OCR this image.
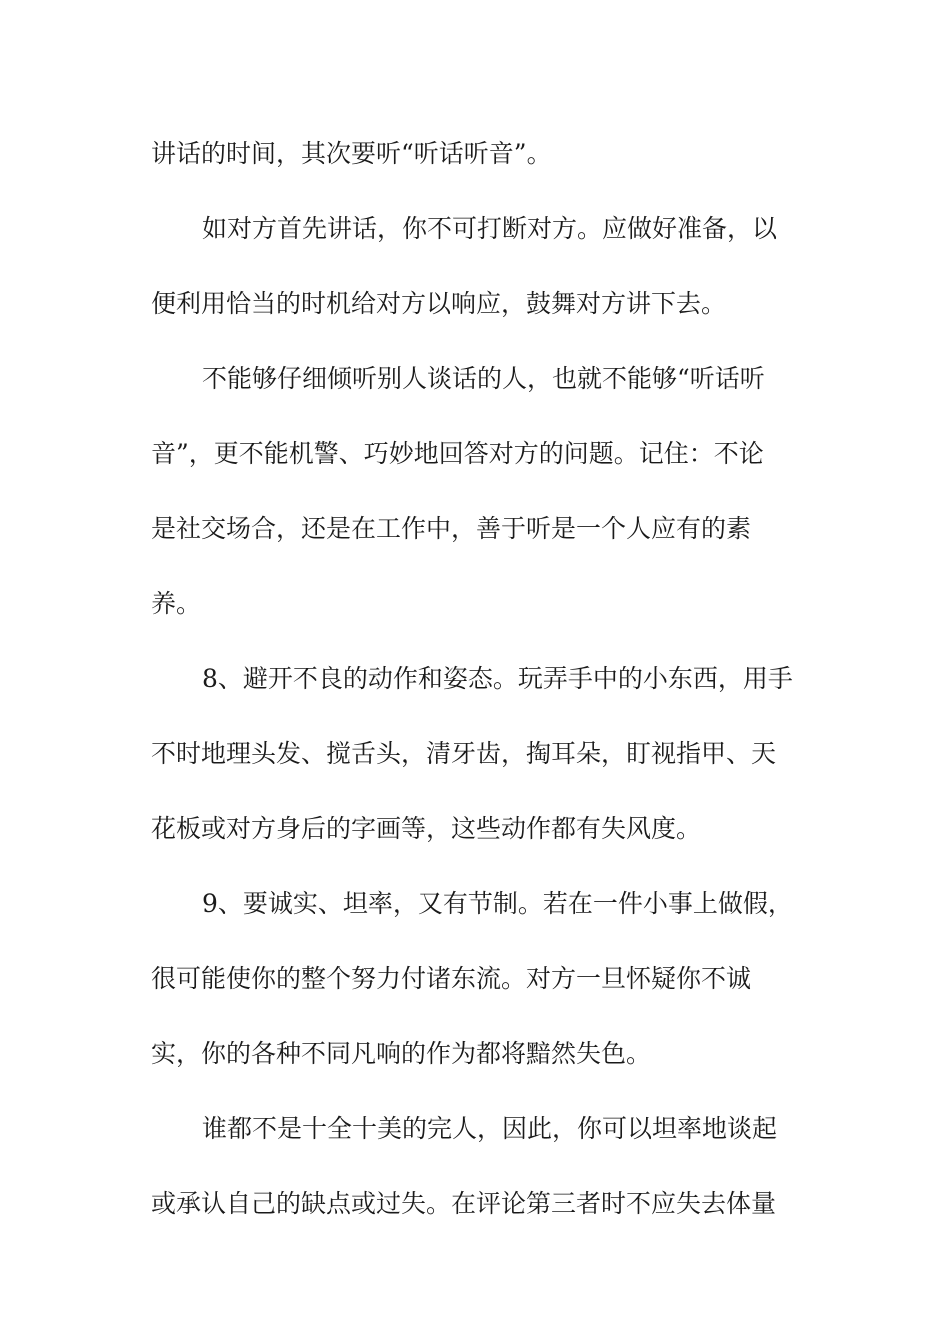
讲话的时间，其次要听“听话听音”。
如对方首先讲话，你不可打断对方。应做好准备，以
便利用恰当的时机给对方以响应，鼓舞对方讲下去。
不能够仔细倾听别人谈话的人，也就不能够“听话听
音”，更不能机警、巧妙地回答对方的问题。记住：不论
是社交场合，还是在工作中，善于听是一个人应有的素
养。
8、避开不良的动作和姿态。玩弄手中的小东西，用手
不时地理头发、搅舌头，清牙齿，掏耳朵，盯视指甲、天
花板或对方身后的字画等，这些动作都有失风度。
9、要诚实、坦率，又有节制。若在一件小事上做假，
很可能使你的整个努力付诸东流。对方一旦怀疑你不诚
实，你的各种不同凡响的作为都将黯然失色。
谁都不是十全十美的完人，因此，你可以坦率地谈起
或承认自己的缺点或过失。在评论第三者时不应失去体量
